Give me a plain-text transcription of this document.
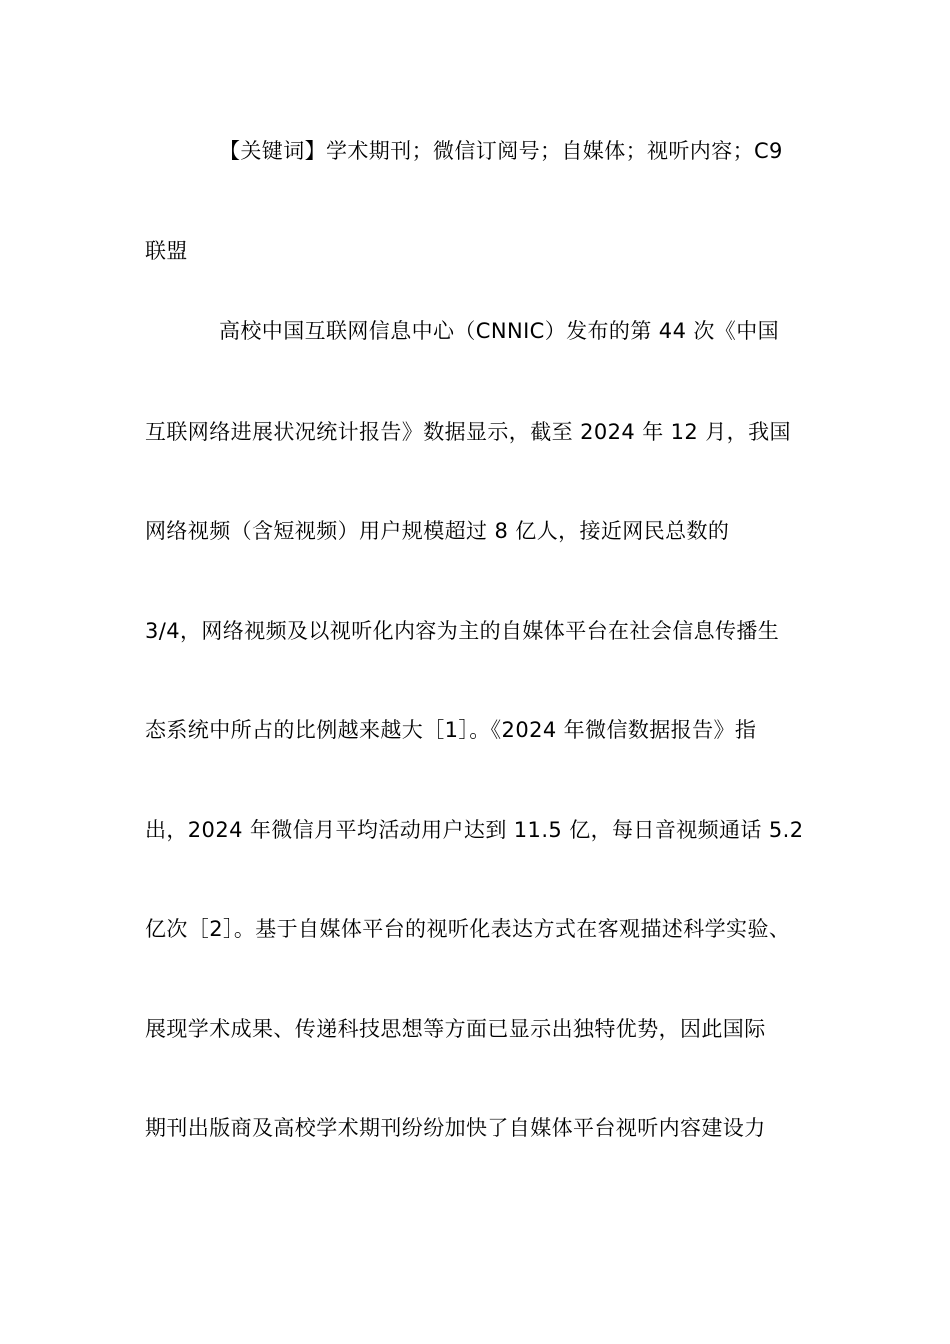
【关键词】学术期刊；微信订阅号；自媒体；视听内容；C9
联盟
高校中国互联网信息中心（CNNIC）发布的第 44 次《中国
互联网络进展状况统计报告》数据显示，截至 2024 年 12 月，我国
网络视频（含短视频）用户规模超过 8 亿人，接近网民总数的
3/4，网络视频及以视听化内容为主的自媒体平台在社会信息传播生
态系统中所占的比例越来越大［1］。《2024 年微信数据报告》指
出，2024 年微信月平均活动用户达到 11.5 亿，每日音视频通话 5.2
亿次［2］。基于自媒体平台的视听化表达方式在客观描述科学实验、
展现学术成果、传递科技思想等方面已显示出独特优势，因此国际
期刊出版商及高校学术期刊纷纷加快了自媒体平台视听内容建设力
